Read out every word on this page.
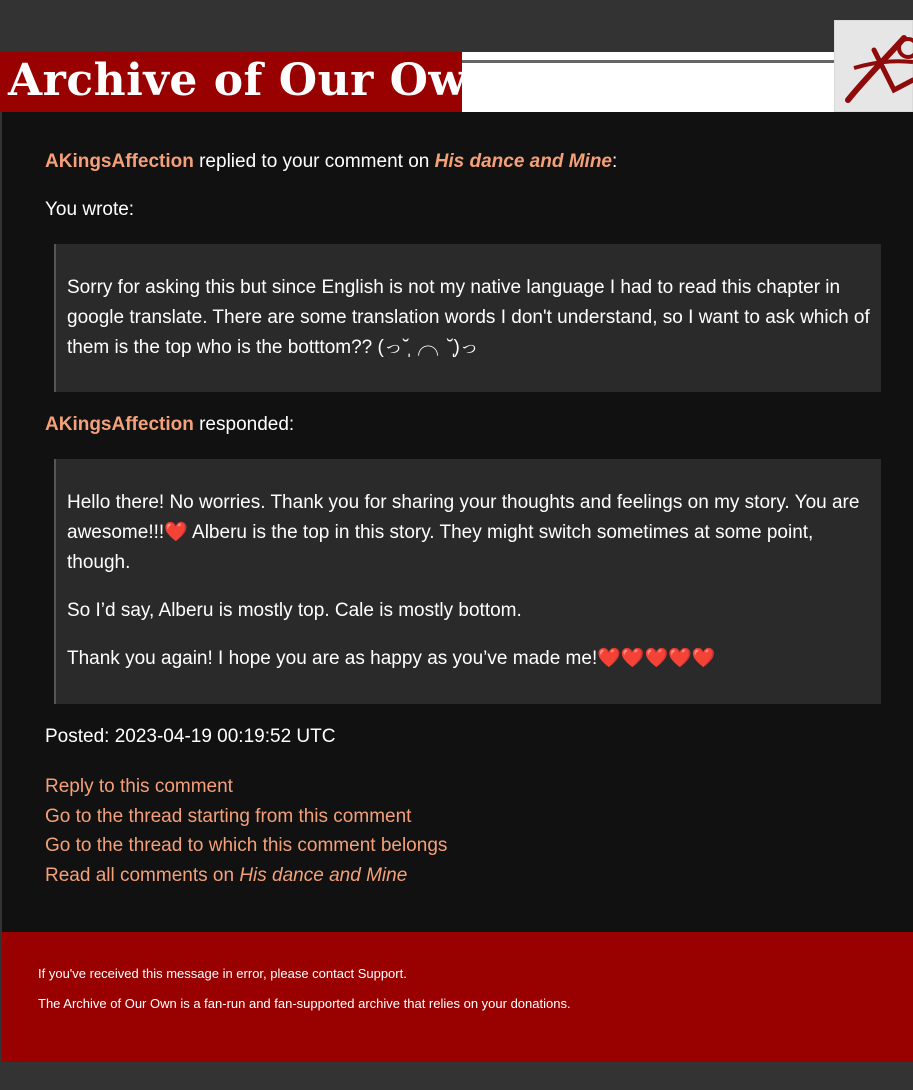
Archive of Our Own
AKingsAffection replied to your comment on His dance and Mine:
You wrote:

Sorry for asking this but since English is not my native language I had to read this chapter in google translate. There are some translation words I don't understand, so I want to ask which of them is the top who is the botttom?? (っ˘̩╭╮˘̩)っ

AKingsAffection responded:

Hello there! No worries. Thank you for sharing your thoughts and feelings on my story. You are awesome!!!❤️ Alberu is the top in this story. They might switch sometimes at some point, though.

So I’d say, Alberu is mostly top. Cale is mostly bottom.

Thank you again! I hope you are as happy as you’ve made me!❤️❤️❤️❤️❤️

Posted: 2023-04-19 00:19:52 UTC
Reply to this comment
Go to the thread starting from this comment
Go to the thread to which this comment belongs
Read all comments on His dance and Mine

If you've received this message in error, please contact Support.

The Archive of Our Own is a fan-run and fan-supported archive that relies on your donations.
